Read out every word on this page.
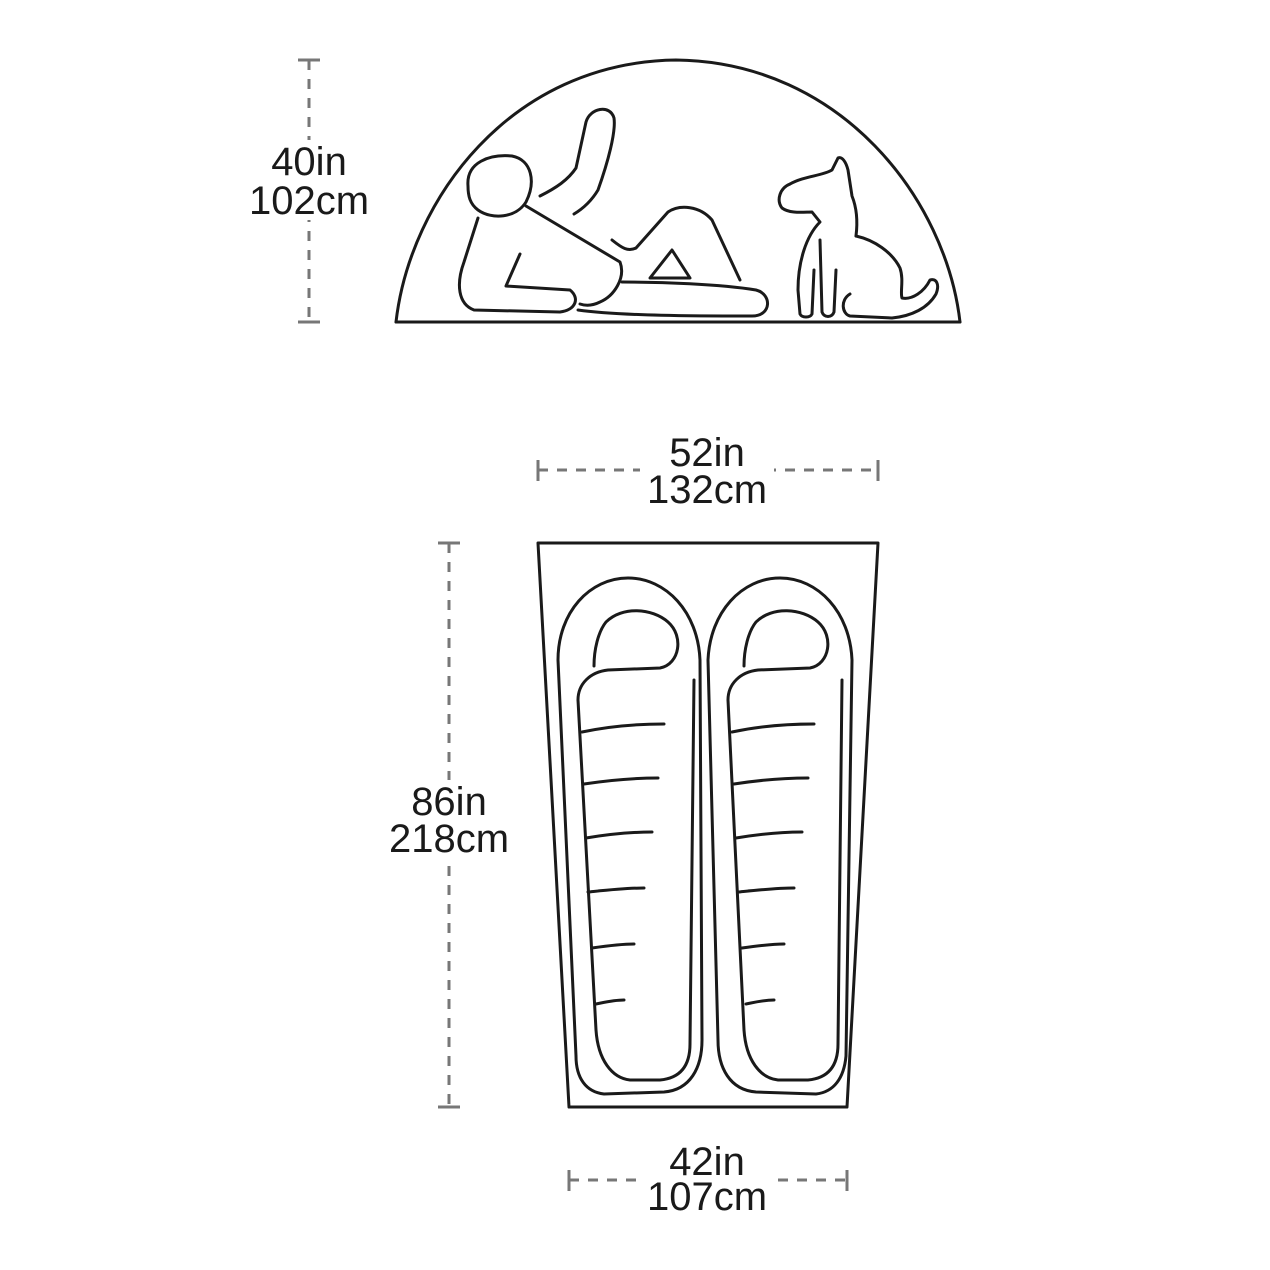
40in
102cm
52in
132cm
86in
218cm
42in
107cm
